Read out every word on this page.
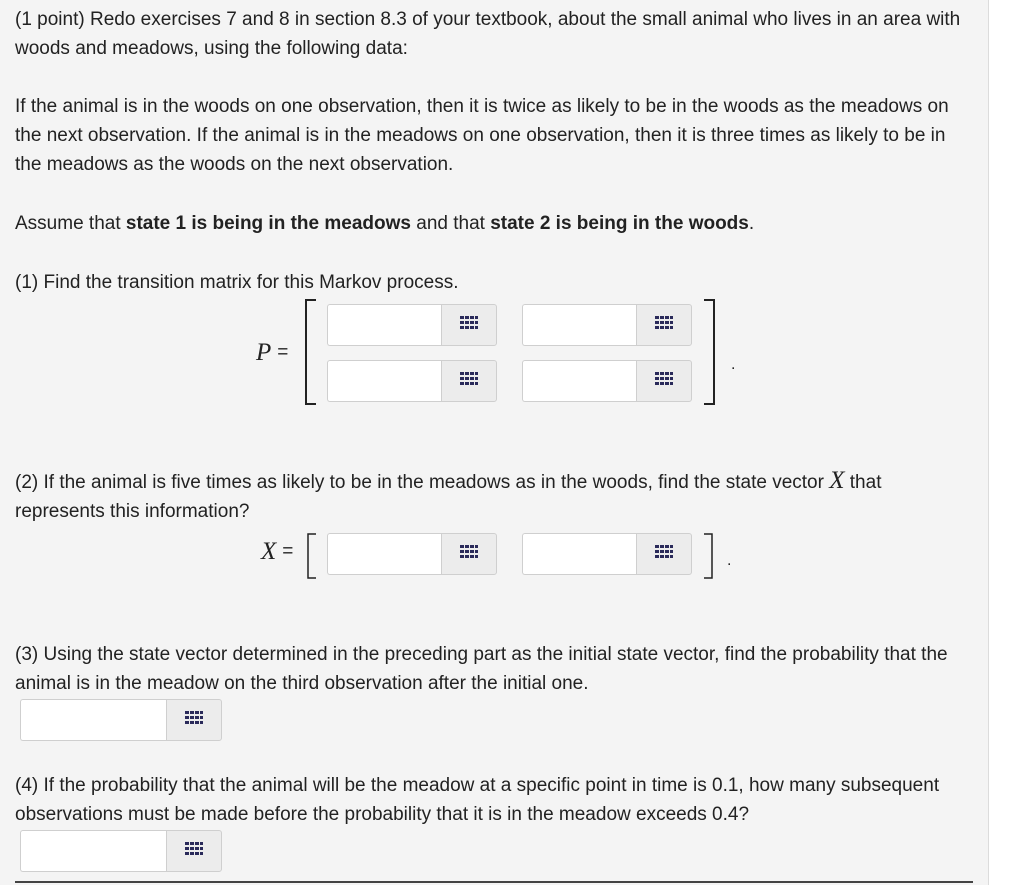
(1 point) Redo exercises 7 and 8 in section 8.3 of your textbook, about the small animal who lives in an area with woods and meadows, using the following data:

If the animal is in the woods on one observation, then it is twice as likely to be in the woods as the meadows on the next observation. If the animal is in the meadows on one observation, then it is three times as likely to be in the meadows as the woods on the next observation.

Assume that state 1 is being in the meadows and that state 2 is being in the woods.

(1) Find the transition matrix for this Markov process.

P =
.

(2) If the animal is five times as likely to be in the meadows as in the woods, find the state vector X that represents this information?

X =	.

(3) Using the state vector determined in the preceding part as the initial state vector, find the probability that the animal is in the meadow on the third observation after the initial one.

(4) If the probability that the animal will be the meadow at a specific point in time is 0.1, how many subsequent observations must be made before the probability that it is in the meadow exceeds 0.4?
